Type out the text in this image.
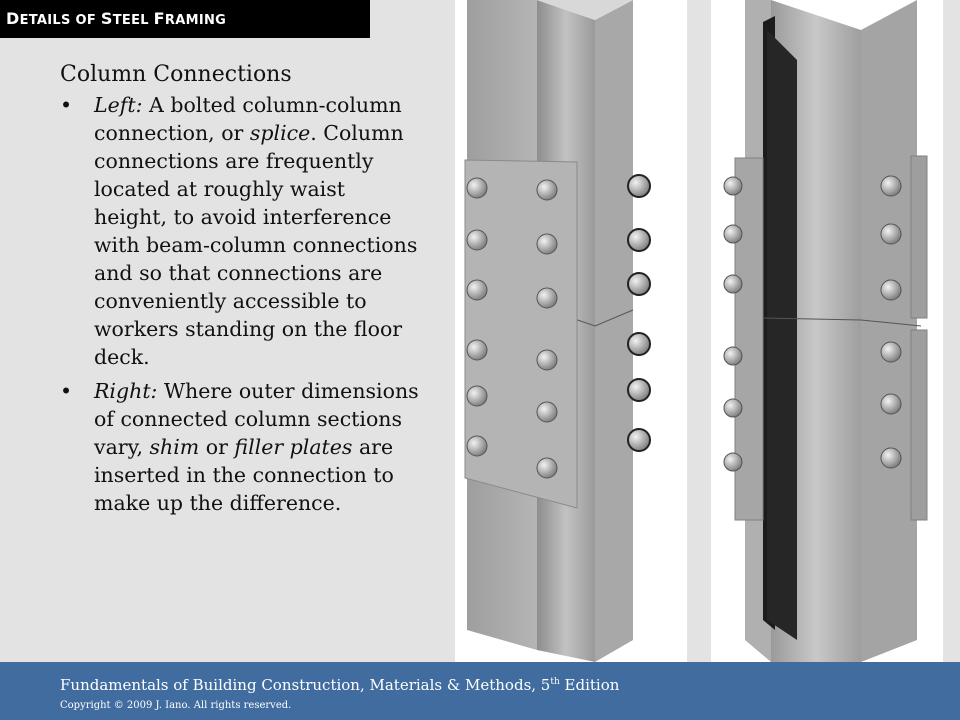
DETAILS OF STEEL FRAMING
Column Connections
• Left: A bolted column-column connection, or splice. Column connections are frequently located at roughly waist height, to avoid interference with beam-column connections and so that connections are conveniently accessible to workers standing on the floor deck.
• Right: Where outer dimensions of connected column sections vary, shim or filler plates are inserted in the connection to make up the difference.
Fundamentals of Building Construction, Materials & Methods, 5th Edition
Copyright © 2009 J. Iano. All rights reserved.
